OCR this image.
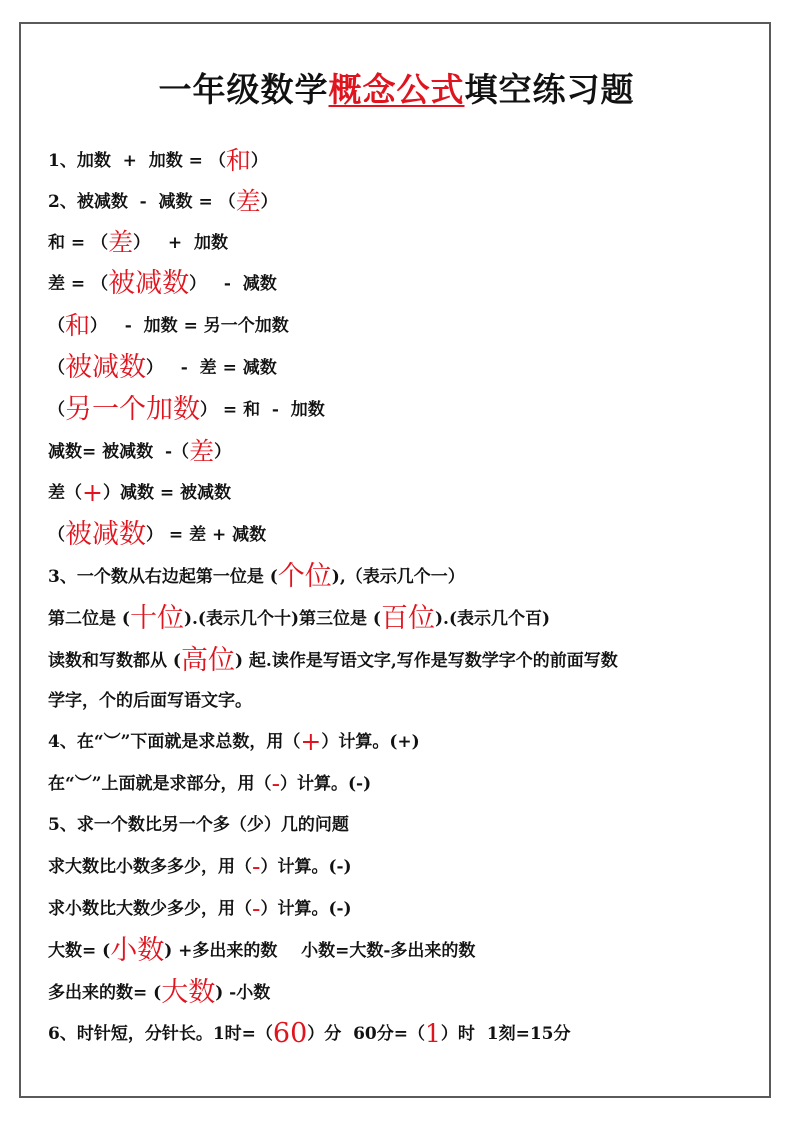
一年级数学概念公式填空练习题
1、加数  +  加数 = （ 和 ）
2、被减数  -  减数 = （ 差 ）
和 = （ 差 ）   +  加数
差 = （ 被减数 ）   -  减数
（ 和 ）   -  加数 = 另一个加数
（ 被减数 ）   -  差 = 减数
（ 另一个加数 ） = 和  -  加数
减数= 被减数  -（ 差 ）
差（ + ）减数 = 被减数
（ 被减数 ） = 差 + 减数
3、一个数从右边起第一位是 ( 个位 ),（表示几个一）
第二位是 ( 十位 ).(表示几个十)第三位是 ( 百位 ).(表示几个百)
读数和写数都从 ( 高位 ) 起.读作是写语文字,写作是写数学字个的前面写数
学字，个的后面写语文字。
4、在“︶”下面就是求总数，用（ + ）计算。(+)
在“︶”上面就是求部分，用（ - ）计算。(-)
5、求一个数比另一个多（少）几的问题
求大数比小数多多少，用（ - ）计算。(-)
求小数比大数少多少，用（ - ）计算。(-)
大数= ( 小数 ) +多出来的数    小数=大数-多出来的数
多出来的数= ( 大数 ) -小数
6、时针短，分针长。1时=（ 60 ）分  60分=（ 1 ）时  1刻=15分
